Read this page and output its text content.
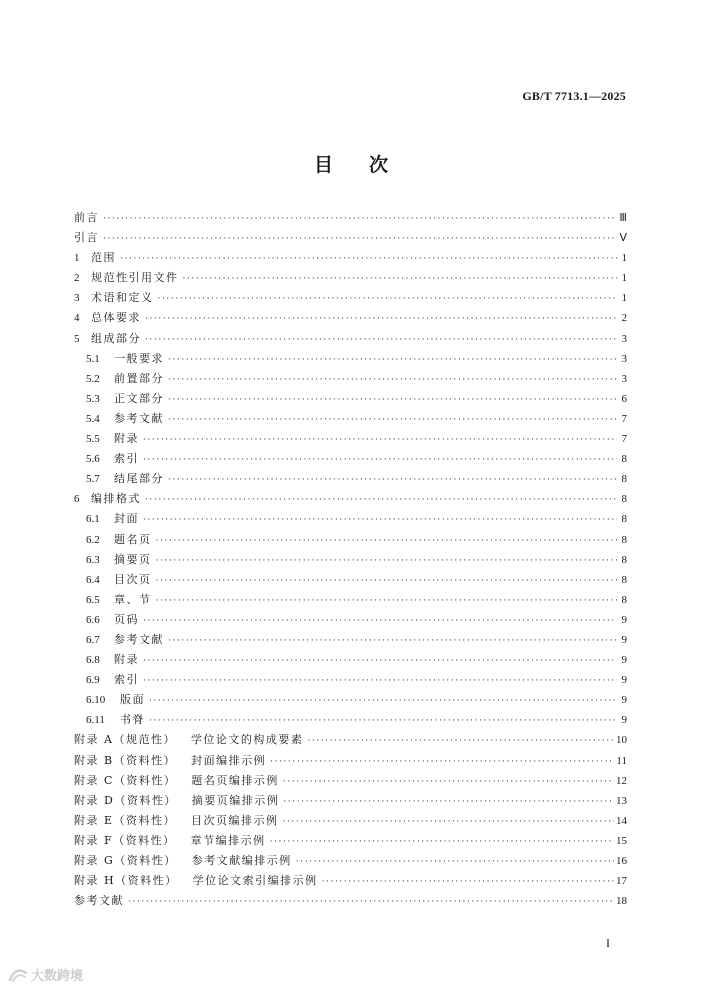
GB/T 7713.1—2025
目次
前言 ·····	Ⅲ
引言 ·····	Ⅴ
1	范围 ·····	1
2	规范性引用文件 ·····	1
3	术语和定义 ·····	1
4	总体要求 ·····	2
5	组成部分 ·····	3
5.1	一般要求 ·····	3
5.2	前置部分 ·····	3
5.3	正文部分 ·····	6
5.4	参考文献 ·····	7
5.5	附录 ·····	7
5.6	索引 ·····	8
5.7	结尾部分 ·····	8
6	编排格式 ·····	8
6.1	封面 ·····	8
6.2	题名页 ·····	8
6.3	摘要页 ·····	8
6.4	目次页 ·····	8
6.5	章、节 ·····	8
6.6	页码 ·····	9
6.7	参考文献 ·····	9
6.8	附录 ·····	9
6.9	索引 ·····	9
6.10	版面 ·····	9
6.11	书脊 ·····	9
附录 A（规范性）   学位论文的构成要素 ·····	10
附录 B（资料性）   封面编排示例 ·····	11
附录 C（资料性）   题名页编排示例 ·····	12
附录 D（资料性）   摘要页编排示例 ·····	13
附录 E（资料性）   目次页编排示例 ·····	14
附录 F（资料性）   章节编排示例 ·····	15
附录 G（资料性）   参考文献编排示例 ·····	16
附录 H（资料性）   学位论文索引编排示例 ·····	17
参考文献 ·····	18
I
大数跨境
